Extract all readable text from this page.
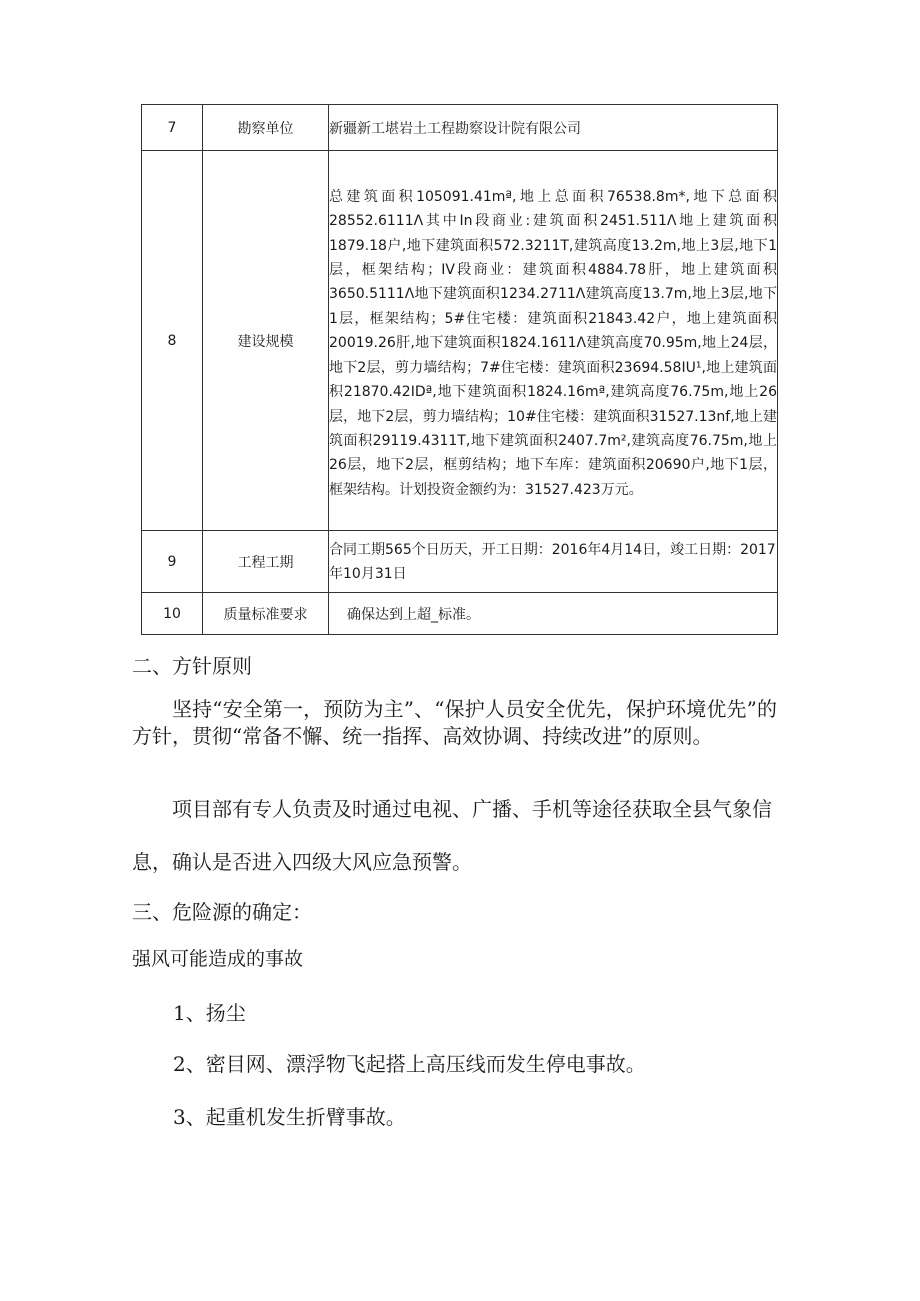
7	勘察单位	新疆新工堪岩土工程勘察设计院有限公司
8	建设规模	总建筑面积105091.41mª,地上总面积76538.8m*,地下总面积28552.6111Λ其中In段商业:建筑面积2451.511Λ地上建筑面积1879.18户,地下建筑面积572.3211T,建筑高度13.2m,地上3层,地下1层，框架结构；IV段商业：建筑面积4884.78肝，地上建筑面积3650.5111Λ地下建筑面积1234.2711Λ建筑高度13.7m,地上3层,地下1层，框架结构；5#住宅楼：建筑面积21843.42户，地上建筑面积20019.26肝,地下建筑面积1824.1611Λ建筑高度70.95m,地上24层，地下2层，剪力墙结构；7#住宅楼：建筑面积23694.58IU¹,地上建筑面积21870.42IDª,地下建筑面积1824.16mª,建筑高度76.75m,地上26层，地下2层，剪力墙结构；10#住宅楼：建筑面积31527.13nf,地上建筑面积29119.4311T,地下建筑面积2407.7m²,建筑高度76.75m,地上26层，地下2层，框剪结构；地下车库：建筑面积20690户,地下1层，框架结构。计划投资金额约为：31527.423万元。

9	工程工期	合同工期565个日历天，开工日期：2016年4月14日，竣工日期：2017年10月31日

10	质量标准要求	确保达到上超_标准。
二、方针原则
坚持“安全第一，预防为主”、“保护人员安全优先，保护环境优先”的方针，贯彻“常备不懈、统一指挥、高效协调、持续改进”的原则。
项目部有专人负责及时通过电视、广播、手机等途径获取全县气象信
息，确认是否进入四级大风应急预警。
三、危险源的确定：
强风可能造成的事故
1、扬尘
2、密目网、漂浮物飞起搭上高压线而发生停电事故。
3、起重机发生折臂事故。
